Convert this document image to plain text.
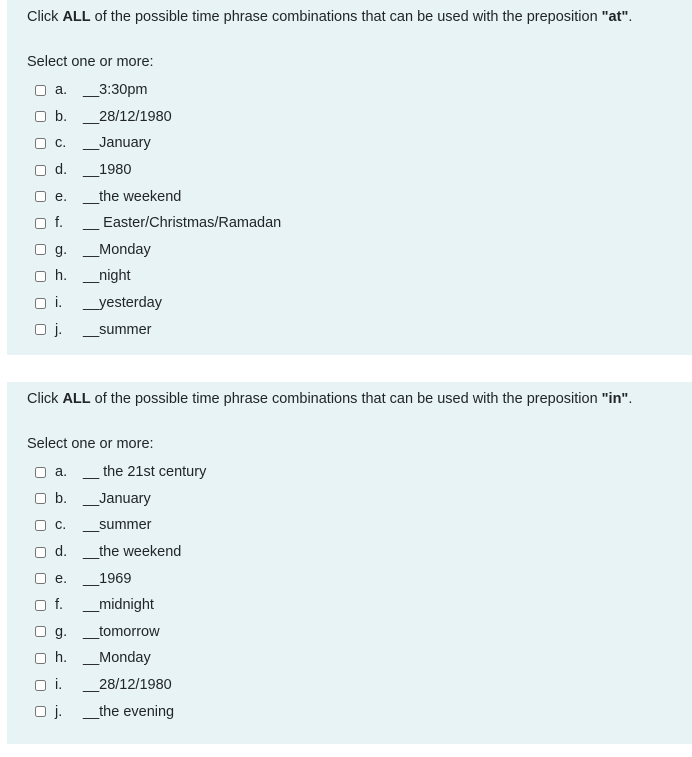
Click ALL of the possible time phrase combinations that can be used with the preposition "at".
Select one or more:
a.	__3:30pm
b.	__28/12/1980
c.	__January
d.	__1980
e.	__the weekend
f.	__ Easter/Christmas/Ramadan
g.	__Monday
h.	__night
i.	__yesterday
j.	__summer
Click ALL of the possible time phrase combinations that can be used with the preposition "in".
Select one or more:
a.	__ the 21st century
b.	__January
c.	__summer
d.	__the weekend
e.	__1969
f.	__midnight
g.	__tomorrow
h.	__Monday
i.	__28/12/1980
j.	__the evening
